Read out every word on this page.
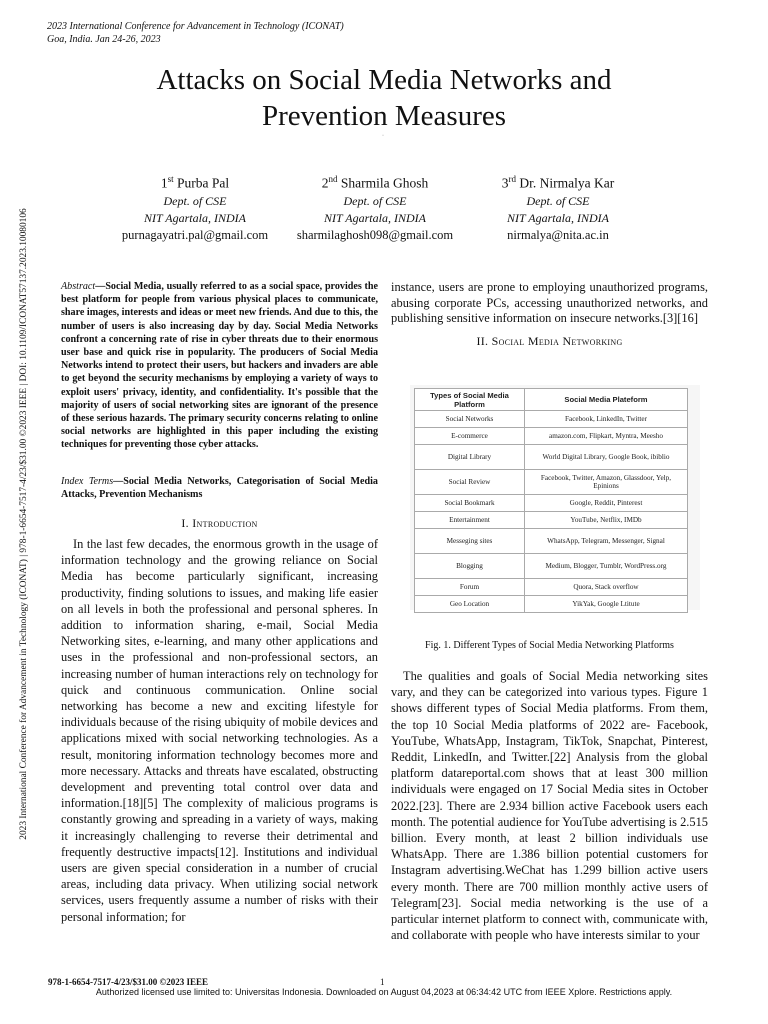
2023 International Conference for Advancement in Technology (ICONAT)
Goa, India. Jan 24-26, 2023
2023 International Conference for Advancement in Technology (ICONAT) | 978-1-6654-7517-4/23/$31.00 ©2023 IEEE | DOI: 10.1109/ICONAT57137.2023.10080106
Attacks on Social Media Networks and
Prevention Measures
·
1st Purba Pal
Dept. of CSE
NIT Agartala, INDIA
purnagayatri.pal@gmail.com
2nd Sharmila Ghosh
Dept. of CSE
NIT Agartala, INDIA
sharmilaghosh098@gmail.com
3rd Dr. Nirmalya Kar
Dept. of CSE
NIT Agartala, INDIA
nirmalya@nita.ac.in
Abstract—Social Media, usually referred to as a social space, provides the best platform for people from various physical places to communicate, share images, interests and ideas or meet new friends. And due to this, the number of users is also increasing day by day. Social Media Networks confront a concerning rate of rise in cyber threats due to their enormous user base and quick rise in popularity. The producers of Social Media Networks intend to protect their users, but hackers and invaders are able to get beyond the security mechanisms by employing a variety of ways to exploit users' privacy, identity, and confidentiality. It's possible that the majority of users of social networking sites are ignorant of the presence of these serious hazards. The primary security concerns relating to online social networks are highlighted in this paper including the existing techniques for preventing those cyber attacks.
Index Terms—Social Media Networks, Categorisation of Social Media Attacks, Prevention Mechanisms
I. Introduction
In the last few decades, the enormous growth in the usage of information technology and the growing reliance on Social Media has become particularly significant, increasing productivity, finding solutions to issues, and making life easier on all levels in both the professional and personal spheres. In addition to information sharing, e-mail, Social Media Networking sites, e-learning, and many other applications and uses in the professional and non-professional sectors, an increasing number of human interactions rely on technology for quick and continuous communication. Online social networking has become a new and exciting lifestyle for individuals because of the rising ubiquity of mobile devices and applications mixed with social networking technologies. As a result, monitoring information technology becomes more and more necessary. Attacks and threats have escalated, obstructing development and preventing total control over data and information.[18][5] The complexity of malicious programs is constantly growing and spreading in a variety of ways, making it increasingly challenging to reverse their detrimental and frequently destructive impacts[12]. Institutions and individual users are given special consideration in a number of crucial areas, including data privacy. When utilizing social network services, users frequently assume a number of risks with their personal information; for
instance, users are prone to employing unauthorized programs, abusing corporate PCs, accessing unauthorized networks, and publishing sensitive information on insecure networks.[3][16]
II. Social Media Networking
Types of Social Media Platform	Social Media Plateform
Social Networks	Facebook, LinkedIn, Twitter
E-commerce	amazon.com, Flipkart, Myntra, Meesho
Digital Library	World Digital Library, Google Book, ibiblio
Social Review	Facebook, Twitter, Amazon, Glassdoor, Yelp, Epinions
Social Bookmark	Google, Reddit, Pinterest
Entertainment	YouTube, Netflix, IMDb
Messeging sites	WhatsApp, Telegram, Messenger, Signal
Blogging	Medium, Blogger, Tumblr, WordPress.org
Forum	Quora, Stack overflow
Geo Location	YikYak, Google Ltitute
Fig. 1. Different Types of Social Media Networking Platforms
The qualities and goals of Social Media networking sites vary, and they can be categorized into various types. Figure 1 shows different types of Social Media platforms. From them, the top 10 Social Media platforms of 2022 are- Facebook, YouTube, WhatsApp, Instagram, TikTok, Snapchat, Pinterest, Reddit, LinkedIn, and Twitter.[22] Analysis from the global platform datareportal.com shows that at least 300 million individuals were engaged on 17 Social Media sites in October 2022.[23]. There are 2.934 billion active Facebook users each month. The potential audience for YouTube advertising is 2.515 billion. Every month, at least 2 billion individuals use WhatsApp. There are 1.386 billion potential customers for Instagram advertising.WeChat has 1.299 billion active users every month. There are 700 million monthly active users of Telegram[23]. Social media networking is the use of a particular internet platform to connect with, communicate with, and collaborate with people who have interests similar to your
978-1-6654-7517-4/23/$31.00 ©2023 IEEE	1
Authorized licensed use limited to: Universitas Indonesia. Downloaded on August 04,2023 at 06:34:42 UTC from IEEE Xplore. Restrictions apply.
